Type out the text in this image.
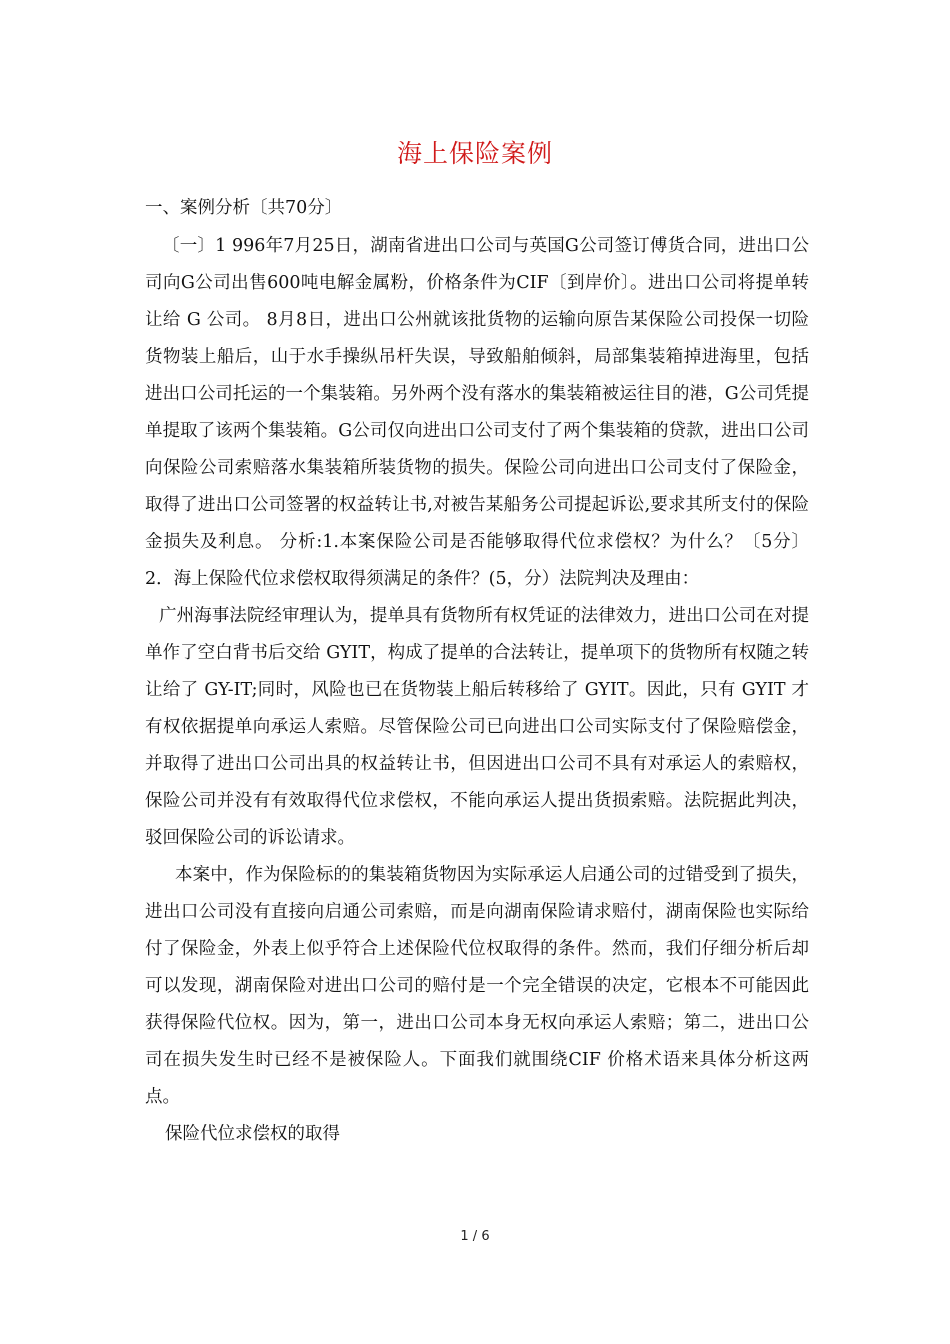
海上保险案例

一、案例分析〔共70分〕

〔一〕1 996年7月25日，湖南省进出口公司与英国G公司签订傅货合同，进出口公司向G公司出售600吨电解金属粉，价格条件为CIF〔到岸价〕。进出口公司将提单转让给 G 公司。 8月8日，进出口公州就该批货物的运输向原告某保险公司投保一切险货物装上船后，山于水手操纵吊杆失误，导致船舶倾斜，局部集装箱掉进海里，包括进出口公司托运的一个集装箱。另外两个没有落水的集装箱被运往目的港，G公司凭提单提取了该两个集装箱。G公司仅向进出口公司支付了两个集装箱的贷款，进出口公司向保险公司索赔落水集装箱所装货物的损失。保险公司向进出口公司支付了保险金，取得了进出口公司签署的权益转让书,对被告某船务公司提起诉讼,要求其所支付的保险金损失及利息。 分析:1.本案保险公司是否能够取得代位求偿权？为什么？〔5分〕 2．海上保险代位求偿权取得须满足的条件？(5，分）法院判决及理由：

广州海事法院经审理认为，提单具有货物所有权凭证的法律效力，进出口公司在对提单作了空白背书后交给 GYIT，构成了提单的合法转让，提单项下的货物所有权随之转让给了 GY-IT;同时，风险也已在货物装上船后转移给了 GYIT。因此，只有 GYIT 才有权依据提单向承运人索赔。尽管保险公司已向进出口公司实际支付了保险赔偿金，并取得了进出口公司出具的权益转让书，但因进出口公司不具有对承运人的索赔权，保险公司并没有有效取得代位求偿权，不能向承运人提出货损索赔。法院据此判决，驳回保险公司的诉讼请求。

本案中，作为保险标的的集装箱货物因为实际承运人启通公司的过错受到了损失，进出口公司没有直接向启通公司索赔，而是向湖南保险请求赔付，湖南保险也实际给付了保险金，外表上似乎符合上述保险代位权取得的条件。然而，我们仔细分析后却可以发现，湖南保险对进出口公司的赔付是一个完全错误的决定，它根本不可能因此获得保险代位权。因为，第一，进出口公司本身无权向承运人索赔；第二，进出口公司在损失发生时已经不是被保险人。下面我们就围绕CIF 价格术语来具体分析这两点。

保险代位求偿权的取得

1 / 6
